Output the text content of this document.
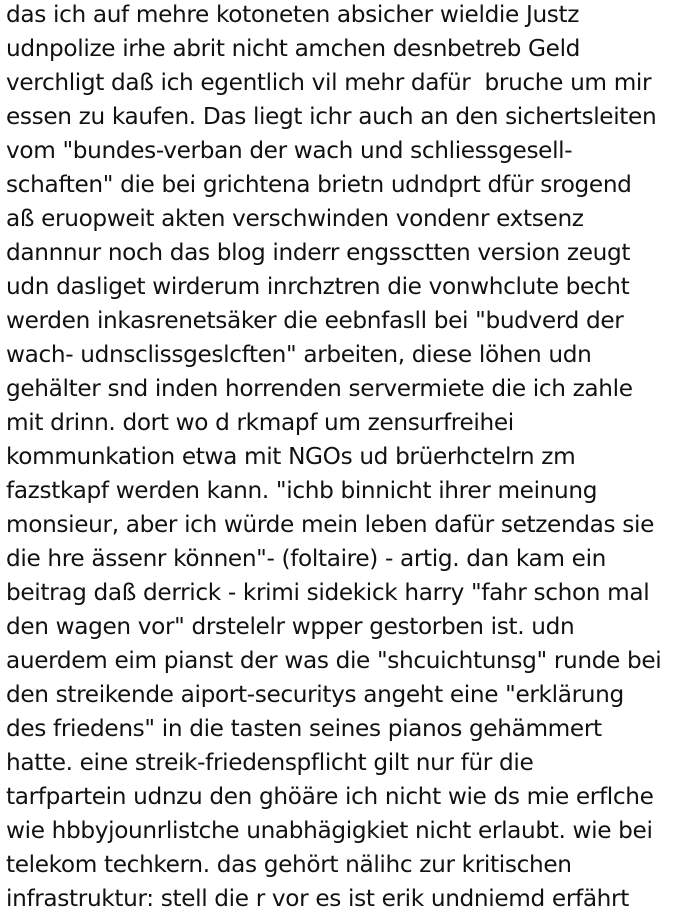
das ich auf mehre kotoneten absicher wieldie Justz
udnpolize irhe abrit nicht amchen desnbetreb Geld
verchligt daß ich egentlich vil mehr dafür  bruche um mir
essen zu kaufen. Das liegt ichr auch an den sichertsleiten
vom "bundes-verban der wach und schliessgesell-
schaften" die bei grichtena brietn udndprt dfür srogend
aß eruopweit akten verschwinden vondenr extsenz
dannnur noch das blog inderr engssctten version zeugt
udn dasliget wirderum inrchztren die vonwhclute becht
werden inkasrenetsäker die eebnfasll bei "budverd der
wach- udnsclissgeslcften" arbeiten, diese löhen udn
gehälter snd inden horrenden servermiete die ich zahle
mit drinn. dort wo d rkmapf um zensurfreihei
kommunkation etwa mit NGOs ud brüerhctelrn zm
fazstkapf werden kann. "ichb binnicht ihrer meinung
monsieur, aber ich würde mein leben dafür setzendas sie
die hre ässenr können"- (foltaire) - artig. dan kam ein
beitrag daß derrick - krimi sidekick harry "fahr schon mal
den wagen vor" drstelelr wpper gestorben ist. udn
auerdem eim pianst der was die "shcuichtunsg" runde bei
den streikende aiport-securitys angeht eine "erklärung
des friedens" in die tasten seines pianos gehämmert
hatte. eine streik-friedenspflicht gilt nur für die
tarfpartein udnzu den ghöäre ich nicht wie ds mie erflche
wie hbbyjounrlistche unabhägigkiet nicht erlaubt. wie bei
telekom techkern. das gehört nälihc zur kritischen
infrastruktur: stell die r vor es ist erik undniemd erfährt
